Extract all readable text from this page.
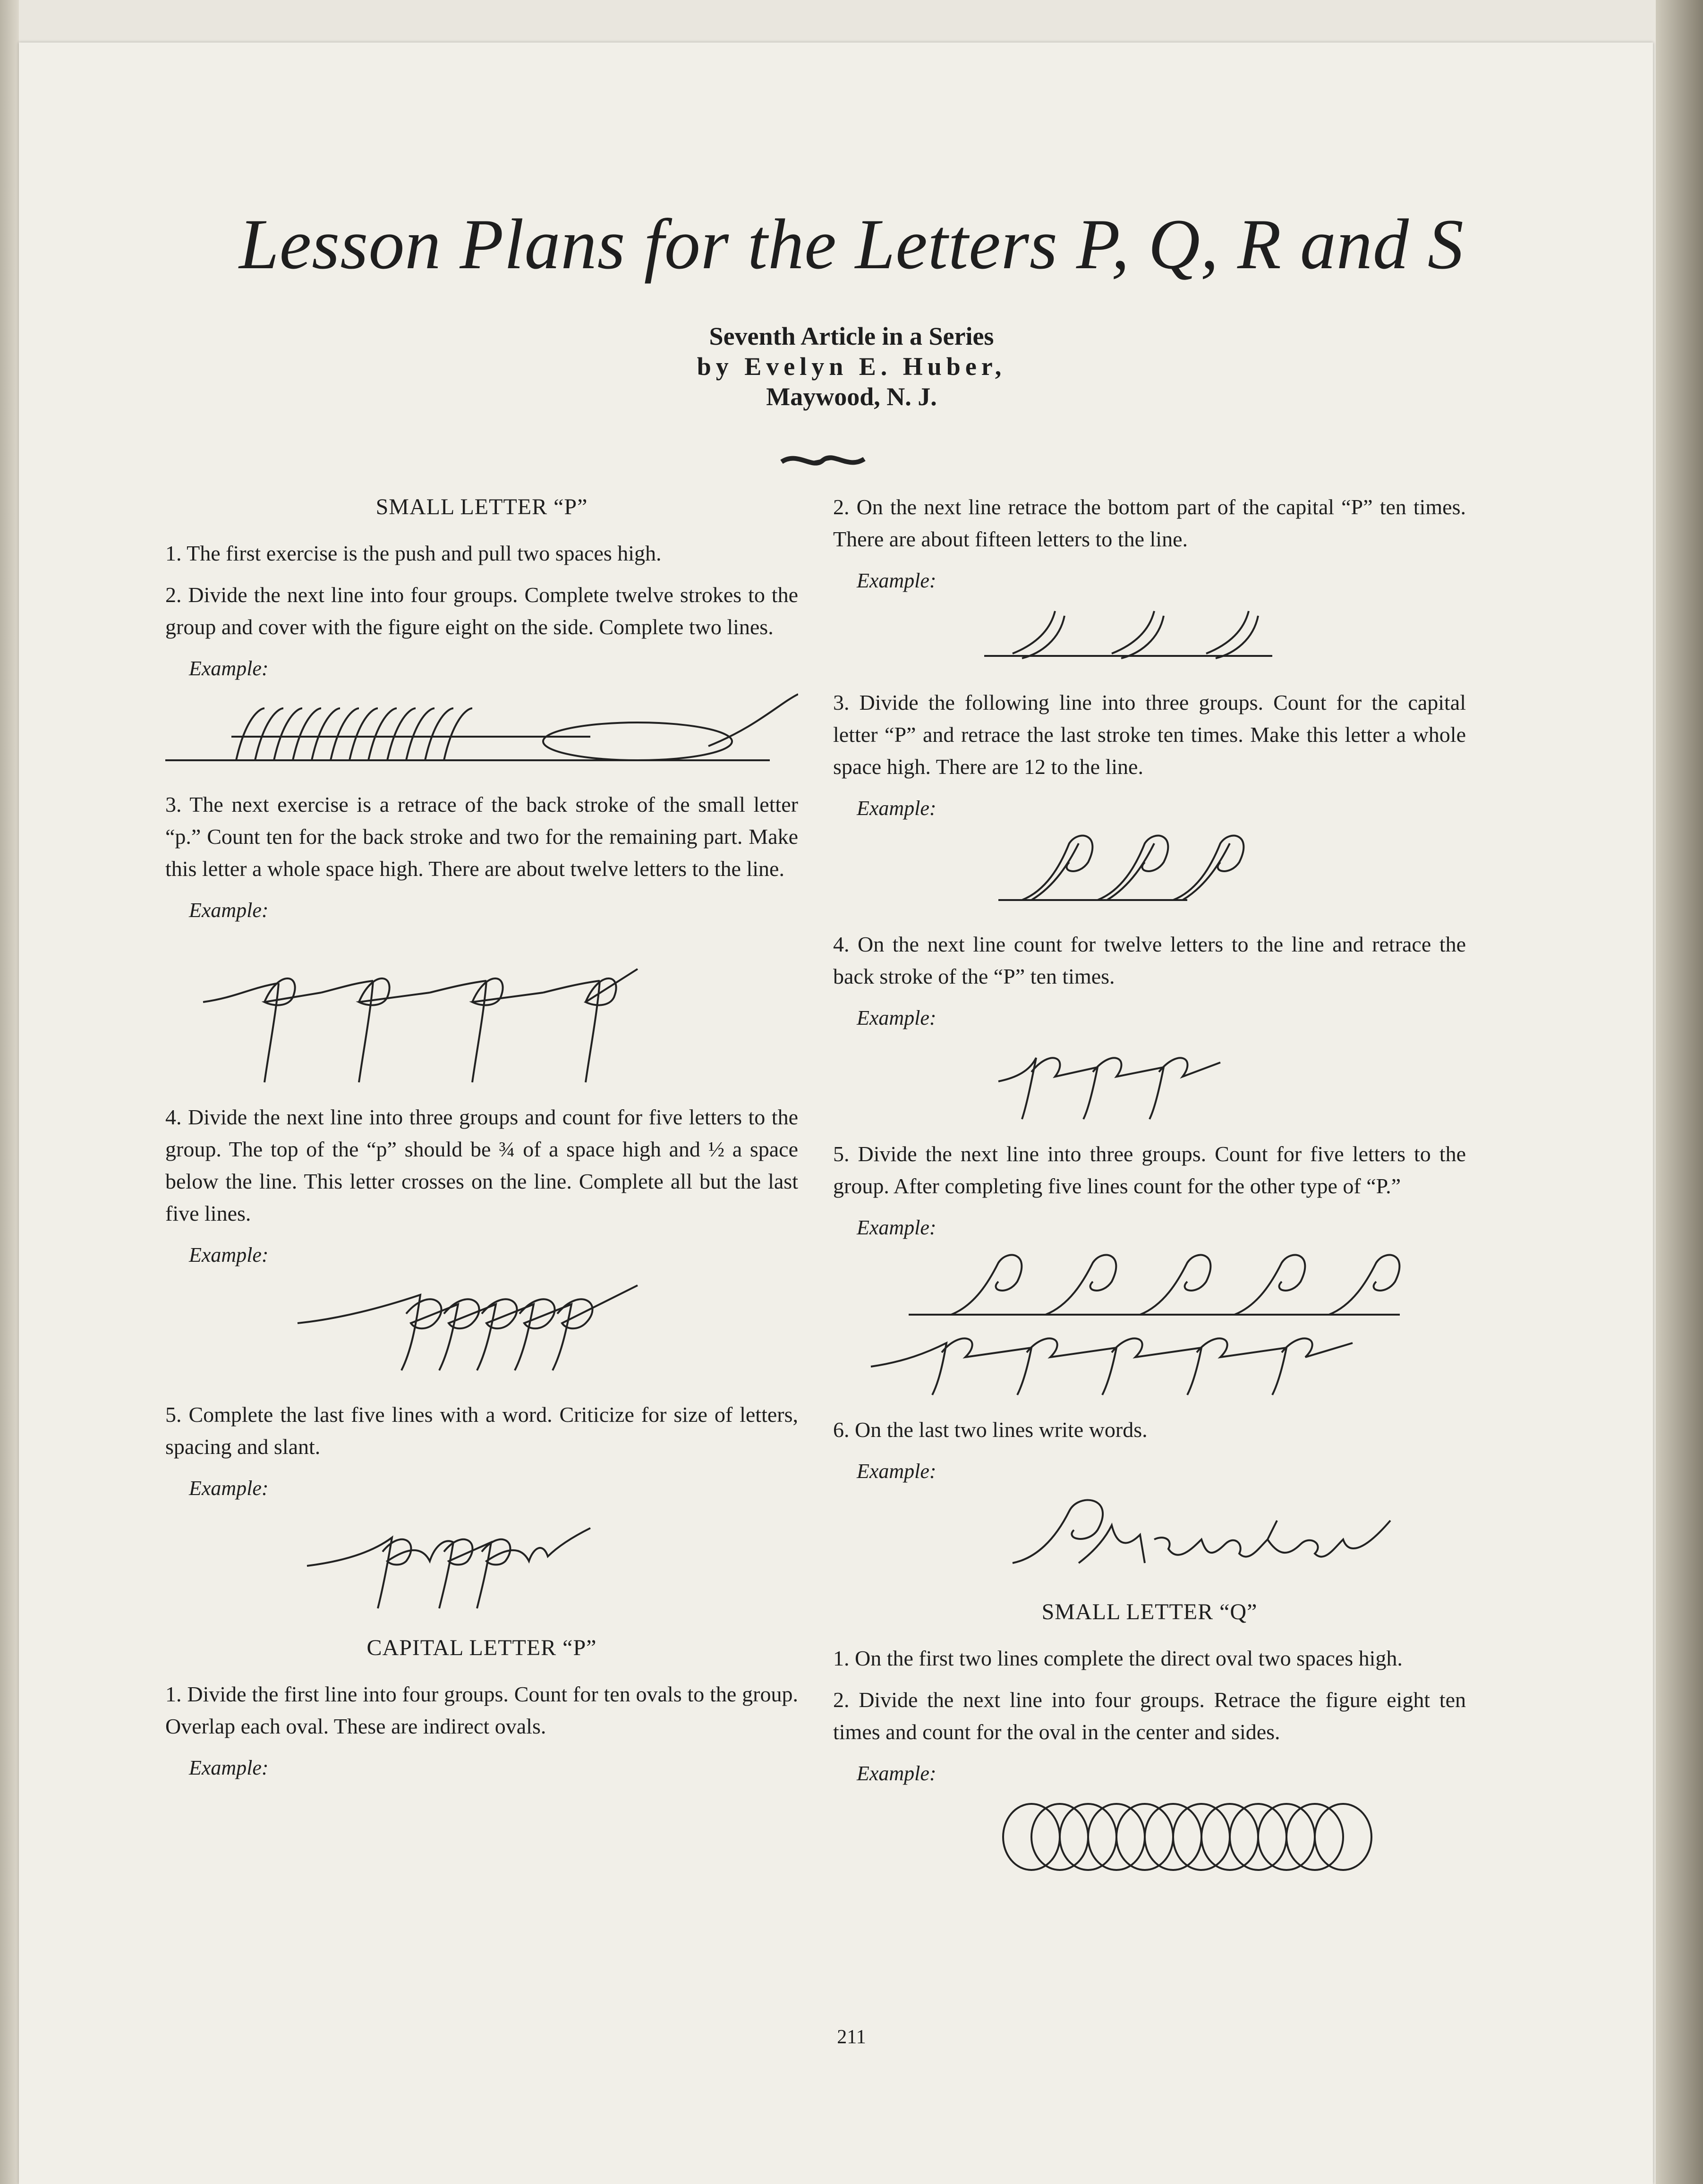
Lesson Plans for the Letters P, Q, R and S
Seventh Article in a Series
by Evelyn E. Huber,
Maywood, N. J.
SMALL LETTER “P”

1. The first exercise is the push and pull two spaces high.

2. Divide the next line into four groups. Complete twelve strokes to the group and cover with the figure eight on the side. Complete two lines.

Example:

3. The next exercise is a retrace of the back stroke of the small letter “p.” Count ten for the back stroke and two for the remaining part. Make this letter a whole space high. There are about twelve letters to the line.

Example:

4. Divide the next line into three groups and count for five letters to the group. The top of the “p” should be ¾ of a space high and ½ a space below the line. This letter crosses on the line. Complete all but the last five lines.

Example:

5. Complete the last five lines with a word. Criticize for size of letters, spacing and slant.

Example:
CAPITAL LETTER “P”

1. Divide the first line into four groups. Count for ten ovals to the group. Overlap each oval. These are indirect ovals.

Example:

2. On the next line retrace the bottom part of the capital “P” ten times. There are about fifteen letters to the line.

Example:

3. Divide the following line into three groups. Count for the capital letter “P” and retrace the last stroke ten times. Make this letter a whole space high. There are 12 to the line.

Example:

4. On the next line count for twelve letters to the line and retrace the back stroke of the “P” ten times.

Example:

5. Divide the next line into three groups. Count for five letters to the group. After completing five lines count for the other type of “P.”

Example:

6. On the last two lines write words.

Example:
SMALL LETTER “Q”

1. On the first two lines complete the direct oval two spaces high.

2. Divide the next line into four groups. Retrace the figure eight ten times and count for the oval in the center and sides.

Example:
211
